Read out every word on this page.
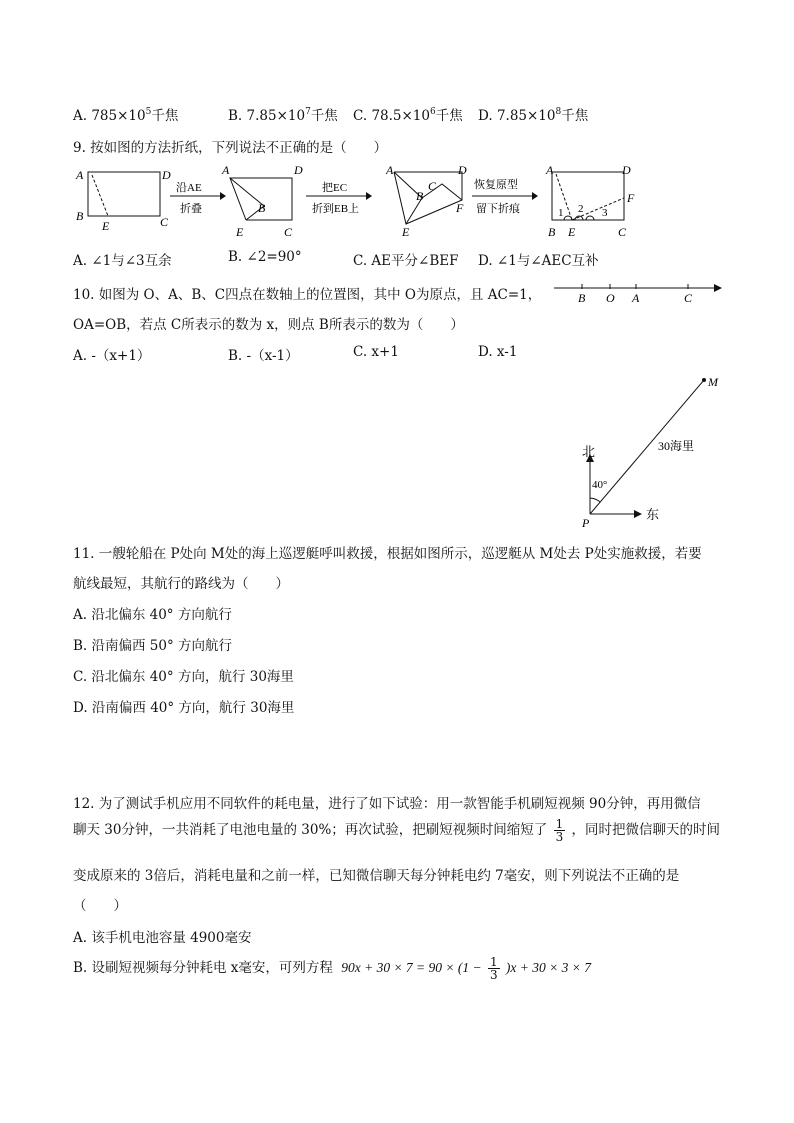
A. $785\times 10^5$千焦	B. $7.85\times 10^7$千焦 C. $78.5\times 10^6$千焦 D. $7.85\times 10^8$千焦
9. 按如图的方法折纸，下列说法不正确的是（　　）
A	D
B
E	C
沿AE
折叠
A	D
B
E	C
把EC
折到EB上
A	D
B
C
F
E
恢复原型
留下折痕
A	D
F
1 2 3
B E	C
A. ∠1与∠3互余	B. ∠2=90°	C. AE平分∠BEF D. ∠1与∠AEC互补
10. 如图为 O、A、B、C四点在数轴上的位置图，其中 O为原点，且 AC=1，
OA=OB，若点 C所表示的数为 x，则点 B所表示的数为（　　）
B O A	C
A. -（x+1）	B. -（x-1）	C. x+1	D. x-1
北
东
40°
30海里
M
P
11. 一艘轮船在 P处向 M处的海上巡逻艇呼叫救援，根据如图所示，巡逻艇从 M处去 P处实施救援，若要
航线最短，其航行的路线为（　　）
A. 沿北偏东 40° 方向航行
B. 沿南偏西 50° 方向航行
C. 沿北偏东 40° 方向，航行 30海里
D. 沿南偏西 40° 方向，航行 30海里
12. 为了测试手机应用不同软件的耗电量，进行了如下试验：用一款智能手机刷短视频 90分钟，再用微信
聊天 30分钟，一共消耗了电池电量的 30%；再次试验，把刷短视频时间缩短了 $\frac{1}{3}$ ，同时把微信聊天的时间
变成原来的 3倍后，消耗电量和之前一样，已知微信聊天每分钟耗电约 7毫安，则下列说法不正确的是
（　　）
A. 该手机电池容量 4900毫安
B. 设刷短视频每分钟耗电 x毫安，可列方程 $90x + 30 \times 7 = 90 \times (1 - \frac{1}{3} )x + 30 \times 3 \times 7$
